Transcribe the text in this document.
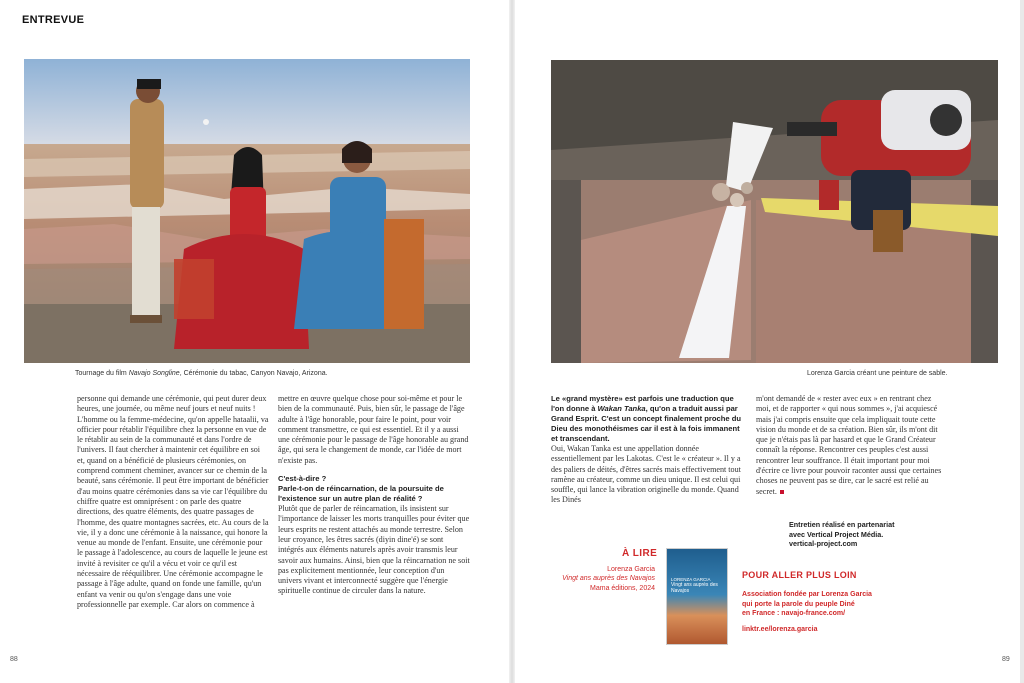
ENTREVUE
Tournage du film Navajo Songline, Cérémonie du tabac, Canyon Navajo, Arizona.	Lorenza Garcia créant une peinture de sable.

personne qui demande une cérémonie, qui peut durer deux heures, une journée, ou même neuf jours et neuf nuits ! L'homme ou la femme-médecine, qu'on appelle hataalii, va officier pour rétablir l'équilibre chez la personne en vue de le rétablir au sein de la communauté et dans l'ordre de l'univers. Il faut chercher à maintenir cet équilibre en soi et, quand on a bénéficié de plusieurs cérémonies, on comprend comment cheminer, avancer sur ce chemin de la beauté, sans cérémonie. Il peut être important de bénéficier d'au moins quatre cérémonies dans sa vie car l'équilibre du chiffre quatre est omniprésent : on parle des quatre directions, des quatre éléments, des quatre passages de l'homme, des quatre montagnes sacrées, etc. Au cours de la vie, il y a donc une cérémonie à la naissance, qui honore la venue au monde de l'enfant. Ensuite, une cérémonie pour le passage à l'adolescence, au cours de laquelle le jeune est invité à revisiter ce qu'il a vécu et voir ce qu'il est nécessaire de rééquilibrer. Une cérémonie accompagne le passage à l'âge adulte, quand on fonde une famille, qu'un enfant va venir ou qu'on s'engage dans une voie professionnelle par exemple. Car alors on commence à

mettre en œuvre quelque chose pour soi-même et pour le bien de la communauté. Puis, bien sûr, le passage de l'âge adulte à l'âge honorable, pour faire le point, pour voir comment transmettre, ce qui est essentiel. Et il y a aussi une cérémonie pour le passage de l'âge honorable au grand âge, qui sera le changement de monde, car l'idée de mort n'existe pas.

C'est-à-dire ?
Parle-t-on de réincarnation, de la poursuite de l'existence sur un autre plan de réalité ?

Plutôt que de parler de réincarnation, ils insistent sur l'importance de laisser les morts tranquilles pour éviter que leurs esprits ne restent attachés au monde terrestre. Selon leur croyance, les êtres sacrés (diyin dine'é) se sont intégrés aux éléments naturels après avoir transmis leur savoir aux humains. Ainsi, bien que la réincarnation ne soit pas explicitement mentionnée, leur conception d'un univers vivant et interconnecté suggère que l'énergie spirituelle continue de circuler dans la nature.

Le «grand mystère» est parfois une traduction que l'on donne à Wakan Tanka, qu'on a traduit aussi par Grand Esprit. C'est un concept finalement proche du Dieu des monothéismes car il est à la fois immanent et transcendant.

Oui, Wakan Tanka est une appellation donnée essentiellement par les Lakotas. C'est le « créateur ». Il y a des paliers de déités, d'êtres sacrés mais effectivement tout ramène au créateur, comme un dieu unique. Il est celui qui souffle, qui lance la vibration originelle du monde. Quand les Dinés

m'ont demandé de « rester avec eux » en rentrant chez moi, et de rapporter « qui nous sommes », j'ai acquiescé mais j'ai compris ensuite que cela impliquait toute cette vision du monde et de sa création. Bien sûr, ils m'ont dit que je n'étais pas là par hasard et que le Grand Créateur connaît la réponse. Rencontrer ces peuples c'est aussi rencontrer leur souffrance. Il était important pour moi d'écrire ce livre pour pouvoir raconter aussi que certaines choses ne peuvent pas se dire, car le sacré est relié au secret.

Entretien réalisé en partenariat
avec Vertical Project Média.
vertical-project.com
À LIRE
Lorenza Garcia
Vingt ans auprès des Navajos
Mama éditions, 2024
LORENZA GARCIA
Vingt ans auprès des Navajos
POUR ALLER PLUS LOIN
Association fondée par Lorenza Garcia
qui porte la parole du peuple Diné
en France : navajo-france.com/
linktr.ee/lorenza.garcia
88	89
